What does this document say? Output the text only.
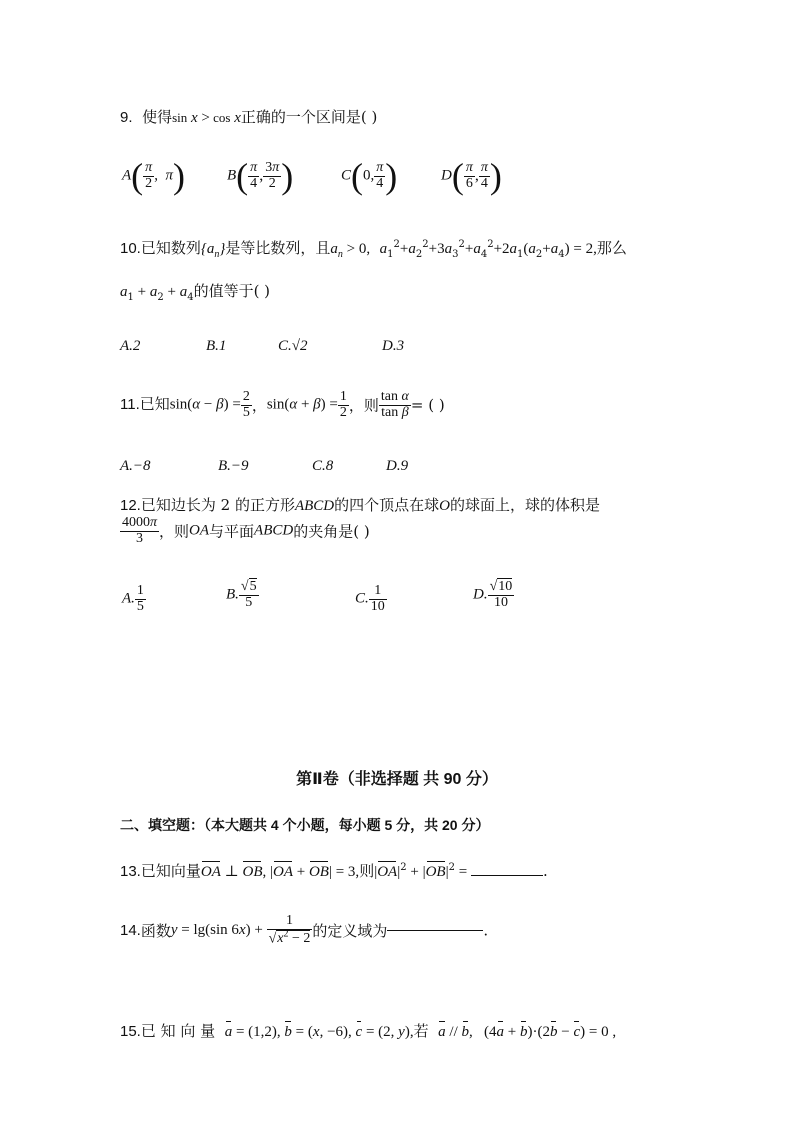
9. 使得sin x > cos x正确的一个区间是( )
$A( \frac{\pi}{2}$ ,  π)	$B( \frac{\pi}{4}$ , $\frac{3\pi}{2}$ )	C(0, $\frac{\pi}{4}$ )	$D( \frac{\pi}{6}$ , $\frac{\pi}{4}$ )
10.已知数列$\{a_n\}$是等比数列，且$a_n > 0$, $a_1^2+a_2^2+3a_3^2+a_4^2+2a_1(a_2+a_4) = 2$,那么
$a_1 + a_2 + a_4$的值等于( )
A.2	B.1	C.√2	D.3
11.已知$\sin(\alpha - \beta) = \frac{2}{5}$ ，$\sin(\alpha + \beta) = \frac{1}{2}$ ，则 $\frac{\text{tan α}}{\text{tan β}}$ = ( )
A.−8	B.−9	C.8	D.9
12.已知边长为 2 的正方形ABCD的四个顶点在球O的球面上，球的体积是
$\frac{4000\pi}{3}$ ，则OA与平面ABCD的夹角是( )
A. $\frac{1}{5}$	B. $\frac{√5}{5}$	C. $\frac{1}{10}$	D. $\frac{√10}{10}$
第Ⅱ卷（非选择题 共 90 分）
二、填空题：（本大题共 4 个小题，每小题 5 分，共 20 分）
13.已知向量OA ⊥ OB, |OA + OB| = 3,则$|OA|^2 + |OB|^2$ =	.
14.函数y = lg(sin $6x) + \frac{1}{√x^2 - 2}$ 的定义域为	.
15.已 知 向 量 a = (1,2), b = (x, −6), c = (2, y),若 a // b,   (4a + b)·(2b − c) = 0 ,
